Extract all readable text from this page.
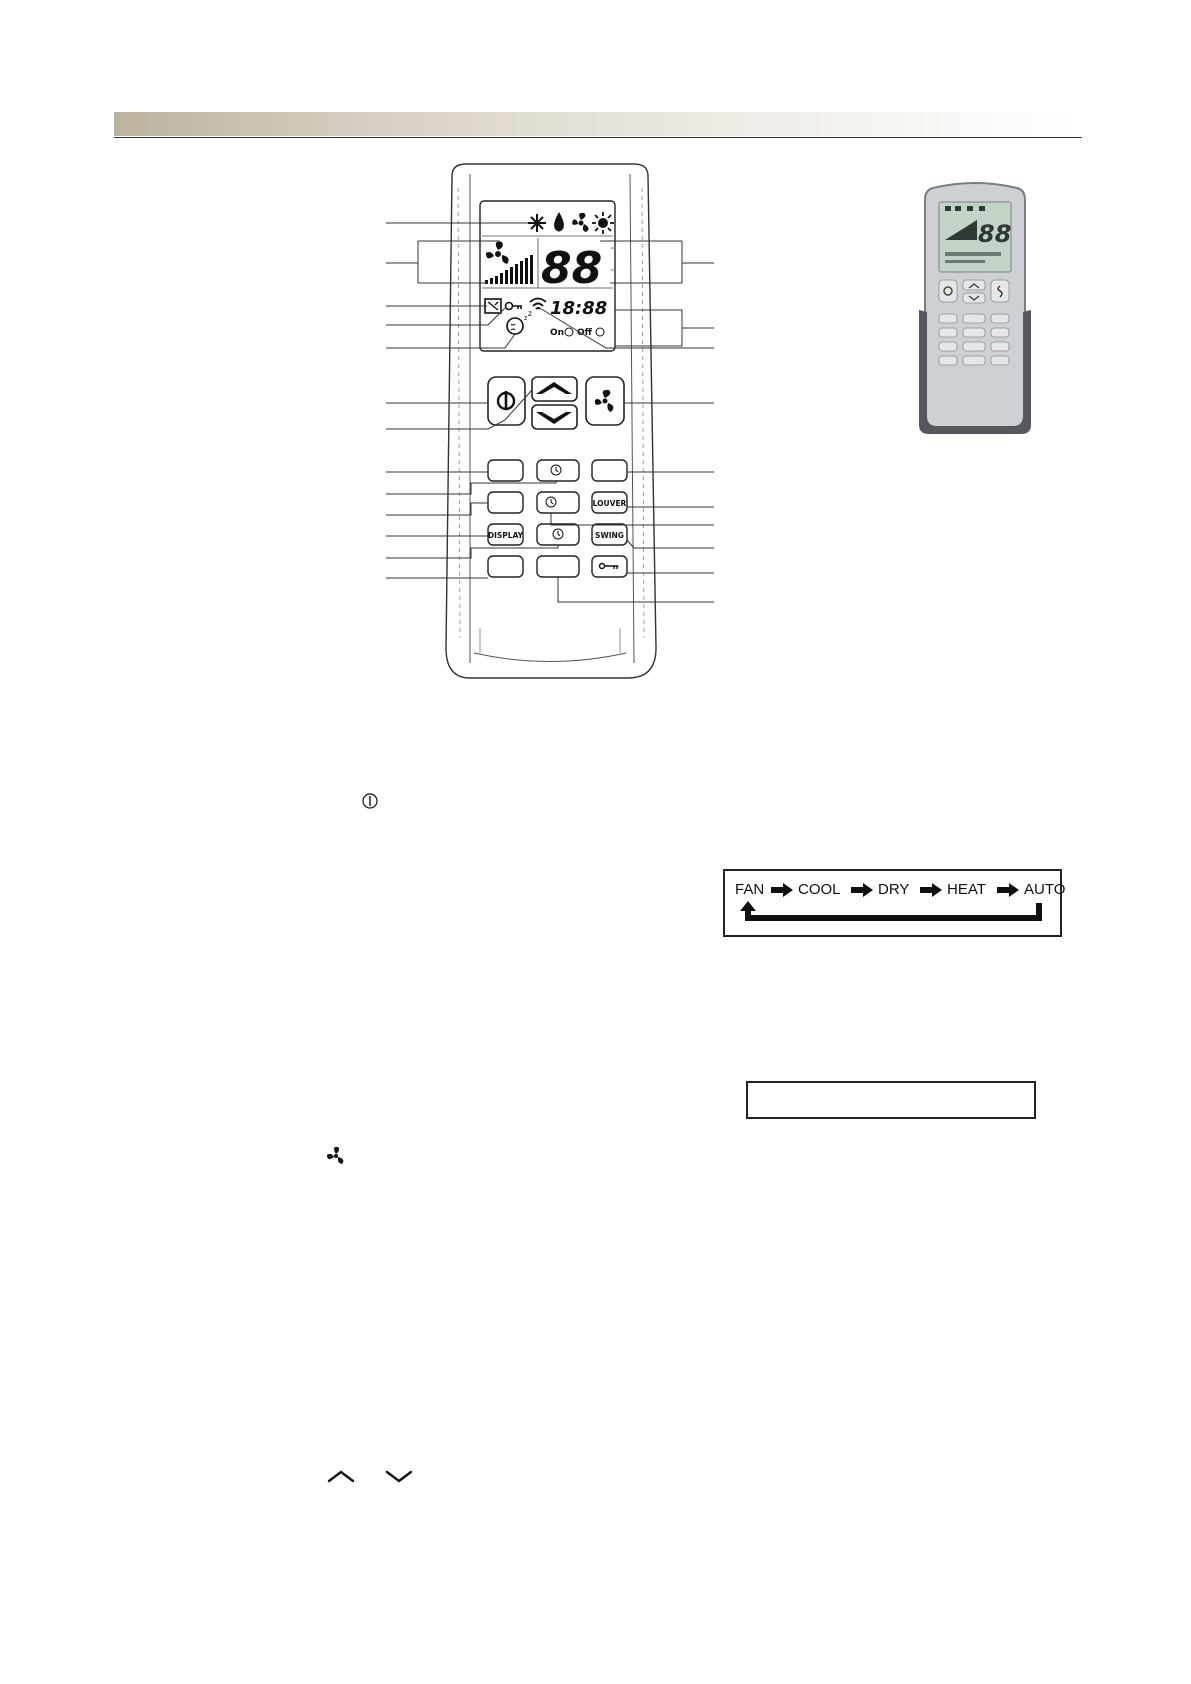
88 °
°
18:88
z
z
On Off
LOUVER
DISPLAY	SWING
88
FAN COOL DRY	HEAT	AUTO
